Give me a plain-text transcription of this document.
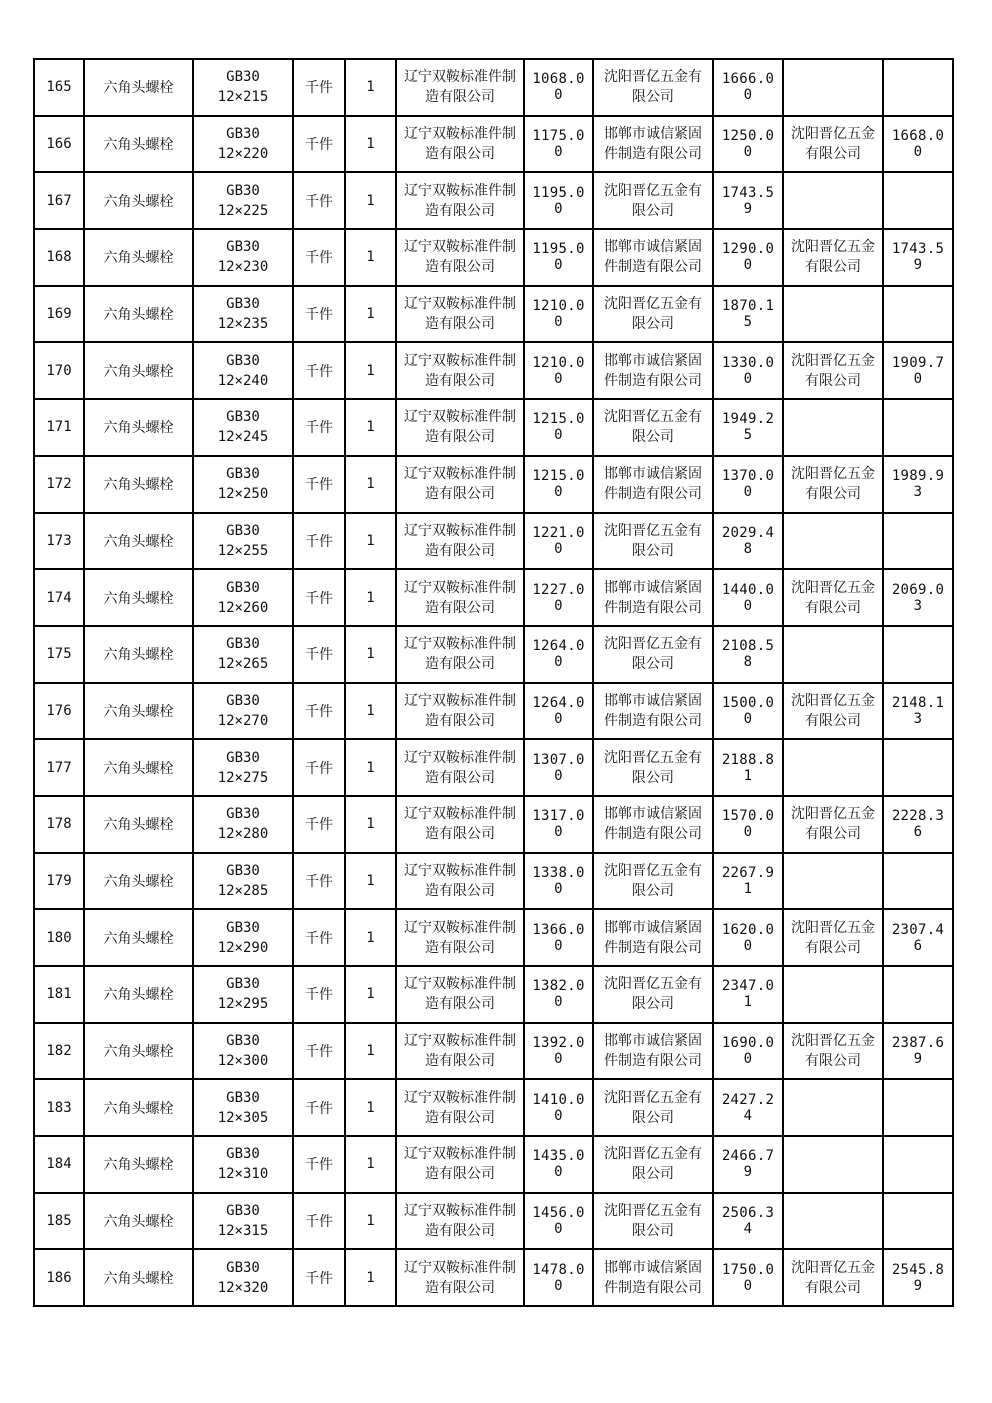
165	六角头螺栓	GB30
12×215	千件	1	辽宁双鞍标准件制造有限公司	1068.00	沈阳晋亿五金有限公司	1666.00		

166	六角头螺栓	GB30
12×220	千件	1	辽宁双鞍标准件制造有限公司	1175.00	邯郸市诚信紧固件制造有限公司	1250.00	沈阳晋亿五金有限公司	1668.00

167	六角头螺栓	GB30
12×225	千件	1	辽宁双鞍标准件制造有限公司	1195.00	沈阳晋亿五金有限公司	1743.59		

168	六角头螺栓	GB30
12×230	千件	1	辽宁双鞍标准件制造有限公司	1195.00	邯郸市诚信紧固件制造有限公司	1290.00	沈阳晋亿五金有限公司	1743.59

169	六角头螺栓	GB30
12×235	千件	1	辽宁双鞍标准件制造有限公司	1210.00	沈阳晋亿五金有限公司	1870.15		

170	六角头螺栓	GB30
12×240	千件	1	辽宁双鞍标准件制造有限公司	1210.00	邯郸市诚信紧固件制造有限公司	1330.00	沈阳晋亿五金有限公司	1909.70

171	六角头螺栓	GB30
12×245	千件	1	辽宁双鞍标准件制造有限公司	1215.00	沈阳晋亿五金有限公司	1949.25		

172	六角头螺栓	GB30
12×250	千件	1	辽宁双鞍标准件制造有限公司	1215.00	邯郸市诚信紧固件制造有限公司	1370.00	沈阳晋亿五金有限公司	1989.93

173	六角头螺栓	GB30
12×255	千件	1	辽宁双鞍标准件制造有限公司	1221.00	沈阳晋亿五金有限公司	2029.48		

174	六角头螺栓	GB30
12×260	千件	1	辽宁双鞍标准件制造有限公司	1227.00	邯郸市诚信紧固件制造有限公司	1440.00	沈阳晋亿五金有限公司	2069.03

175	六角头螺栓	GB30
12×265	千件	1	辽宁双鞍标准件制造有限公司	1264.00	沈阳晋亿五金有限公司	2108.58		

176	六角头螺栓	GB30
12×270	千件	1	辽宁双鞍标准件制造有限公司	1264.00	邯郸市诚信紧固件制造有限公司	1500.00	沈阳晋亿五金有限公司	2148.13

177	六角头螺栓	GB30
12×275	千件	1	辽宁双鞍标准件制造有限公司	1307.00	沈阳晋亿五金有限公司	2188.81		

178	六角头螺栓	GB30
12×280	千件	1	辽宁双鞍标准件制造有限公司	1317.00	邯郸市诚信紧固件制造有限公司	1570.00	沈阳晋亿五金有限公司	2228.36

179	六角头螺栓	GB30
12×285	千件	1	辽宁双鞍标准件制造有限公司	1338.00	沈阳晋亿五金有限公司	2267.91		

180	六角头螺栓	GB30
12×290	千件	1	辽宁双鞍标准件制造有限公司	1366.00	邯郸市诚信紧固件制造有限公司	1620.00	沈阳晋亿五金有限公司	2307.46

181	六角头螺栓	GB30
12×295	千件	1	辽宁双鞍标准件制造有限公司	1382.00	沈阳晋亿五金有限公司	2347.01		

182	六角头螺栓	GB30
12×300	千件	1	辽宁双鞍标准件制造有限公司	1392.00	邯郸市诚信紧固件制造有限公司	1690.00	沈阳晋亿五金有限公司	2387.69

183	六角头螺栓	GB30
12×305	千件	1	辽宁双鞍标准件制造有限公司	1410.00	沈阳晋亿五金有限公司	2427.24		

184	六角头螺栓	GB30
12×310	千件	1	辽宁双鞍标准件制造有限公司	1435.00	沈阳晋亿五金有限公司	2466.79		

185	六角头螺栓	GB30
12×315	千件	1	辽宁双鞍标准件制造有限公司	1456.00	沈阳晋亿五金有限公司	2506.34		

186	六角头螺栓	GB30
12×320	千件	1	辽宁双鞍标准件制造有限公司	1478.00	邯郸市诚信紧固件制造有限公司	1750.00	沈阳晋亿五金有限公司	2545.89
